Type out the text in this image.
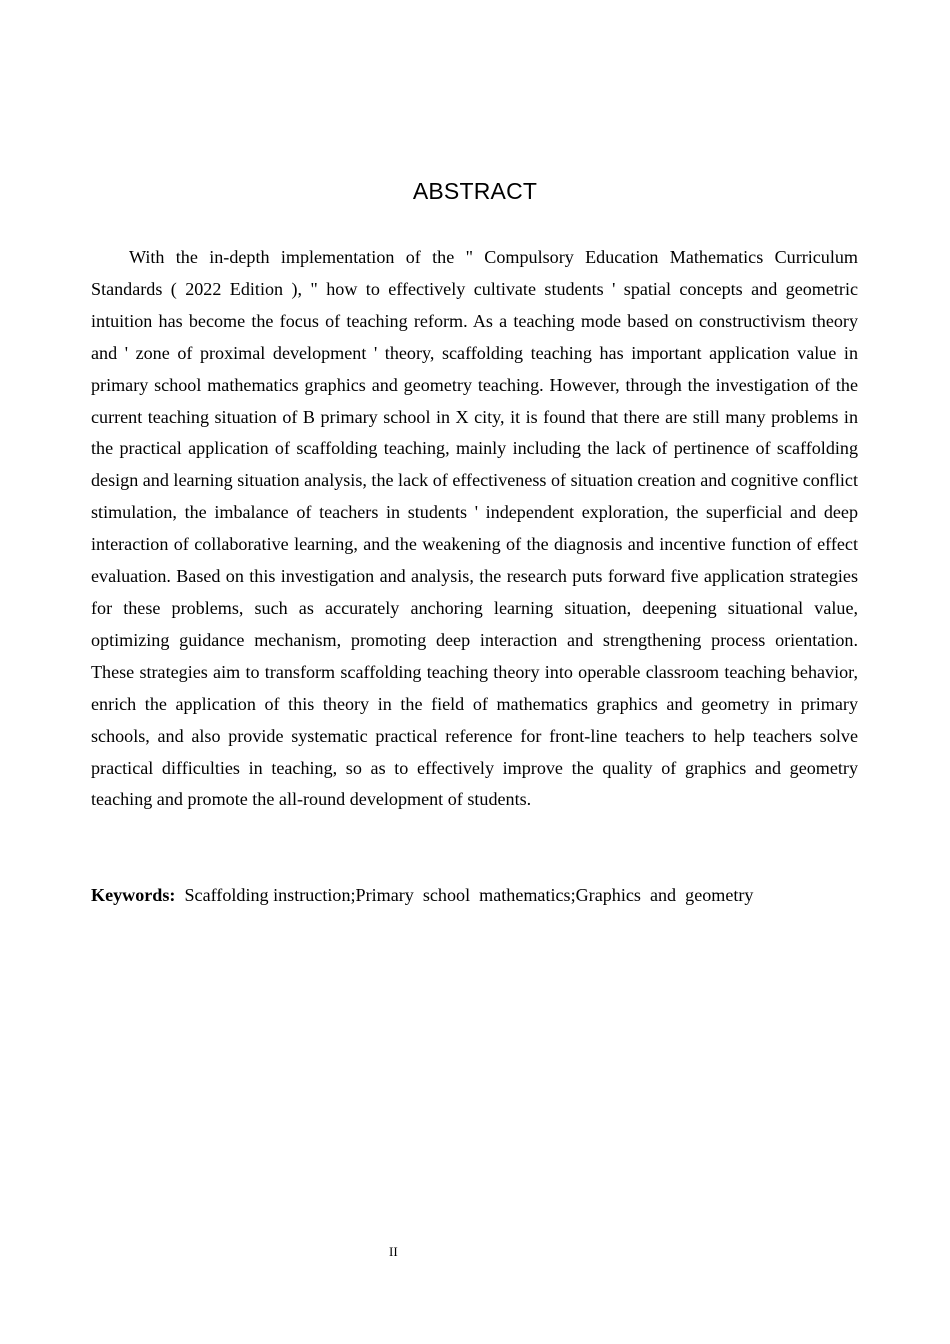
ABSTRACT

With the in-depth implementation of the " Compulsory Education Mathematics Curriculum Standards ( 2022 Edition ), " how to effectively cultivate students ' spatial concepts and geometric intuition has become the focus of teaching reform. As a teaching mode based on constructivism theory and ' zone of proximal development ' theory, scaffolding teaching has important application value in primary school mathematics graphics and geometry teaching. However, through the investigation of the current teaching situation of B primary school in X city, it is found that there are still many problems in the practical application of scaffolding teaching, mainly including the lack of pertinence of scaffolding design and learning situation analysis, the lack of effectiveness of situation creation and cognitive conflict stimulation, the imbalance of teachers in students ' independent exploration, the superficial and deep interaction of collaborative learning, and the weakening of the diagnosis and incentive function of effect evaluation. Based on this investigation and analysis, the research puts forward five application strategies for these problems, such as accurately anchoring learning situation, deepening situational value, optimizing guidance mechanism, promoting deep interaction and strengthening process orientation. These strategies aim to transform scaffolding teaching theory into operable classroom teaching behavior, enrich the application of this theory in the field of mathematics graphics and geometry in primary schools, and also provide systematic practical reference for front-line teachers to help teachers solve practical difficulties in teaching, so as to effectively improve the quality of graphics and geometry teaching and promote the all-round development of students.

Keywords: Scaffolding instruction;Primary  school  mathematics;Graphics  and  geometry
II
